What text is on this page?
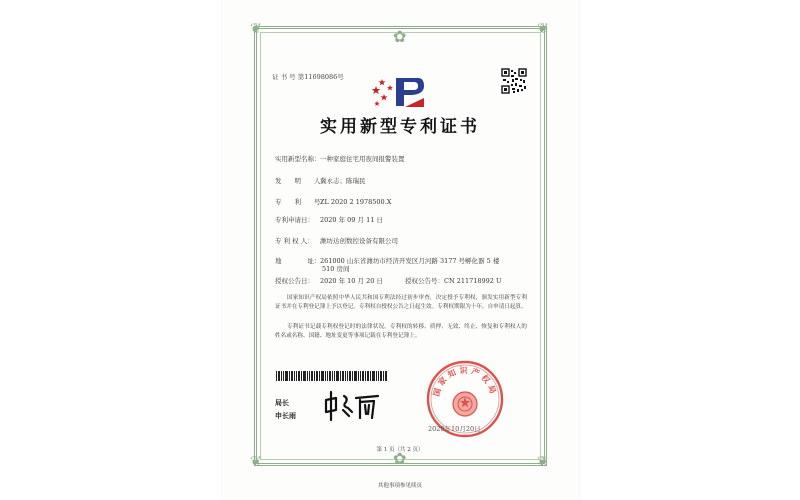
❦	❦
❦	❦
✿
✿
证 书 号 第11698086号
实用新型专利证书
实用新型名称：一种家庭住宅用夜间报警装置
发　　明　　人：冀永志；陈瑞民
专　　利　　号：ZL 2020 2 1978500.X
专利申请日： 2020 年 09 月 11 日
专 利 权 人： 潍坊达创数控设备有限公司
地　　　　址：261000 山东省潍坊市经济开发区月河路 3177 号孵化器 5 楼
510 房间
授权公告日： 2020 年 10 月 20 日	授权公告号：CN 211718992 U
国家知识产权局依照中华人民共和国专利法经过初步审查，决定授予专利权，颁发实用新型专利证书并在专利登记簿上予以登记。专利权自授权公告之日起生效。专利权期限为十年，自申请日起算。
专利证书记载专利权登记时的法律状况。专利权的转移、质押、无效、终止、恢复和专利权人的姓名或名称、国籍、地址变更等事项记载在专利登记簿上。
局长
申长雨
国家知识产权局
2020年10月20日
第 1 页（共 2 页）
其他事项参见续页
